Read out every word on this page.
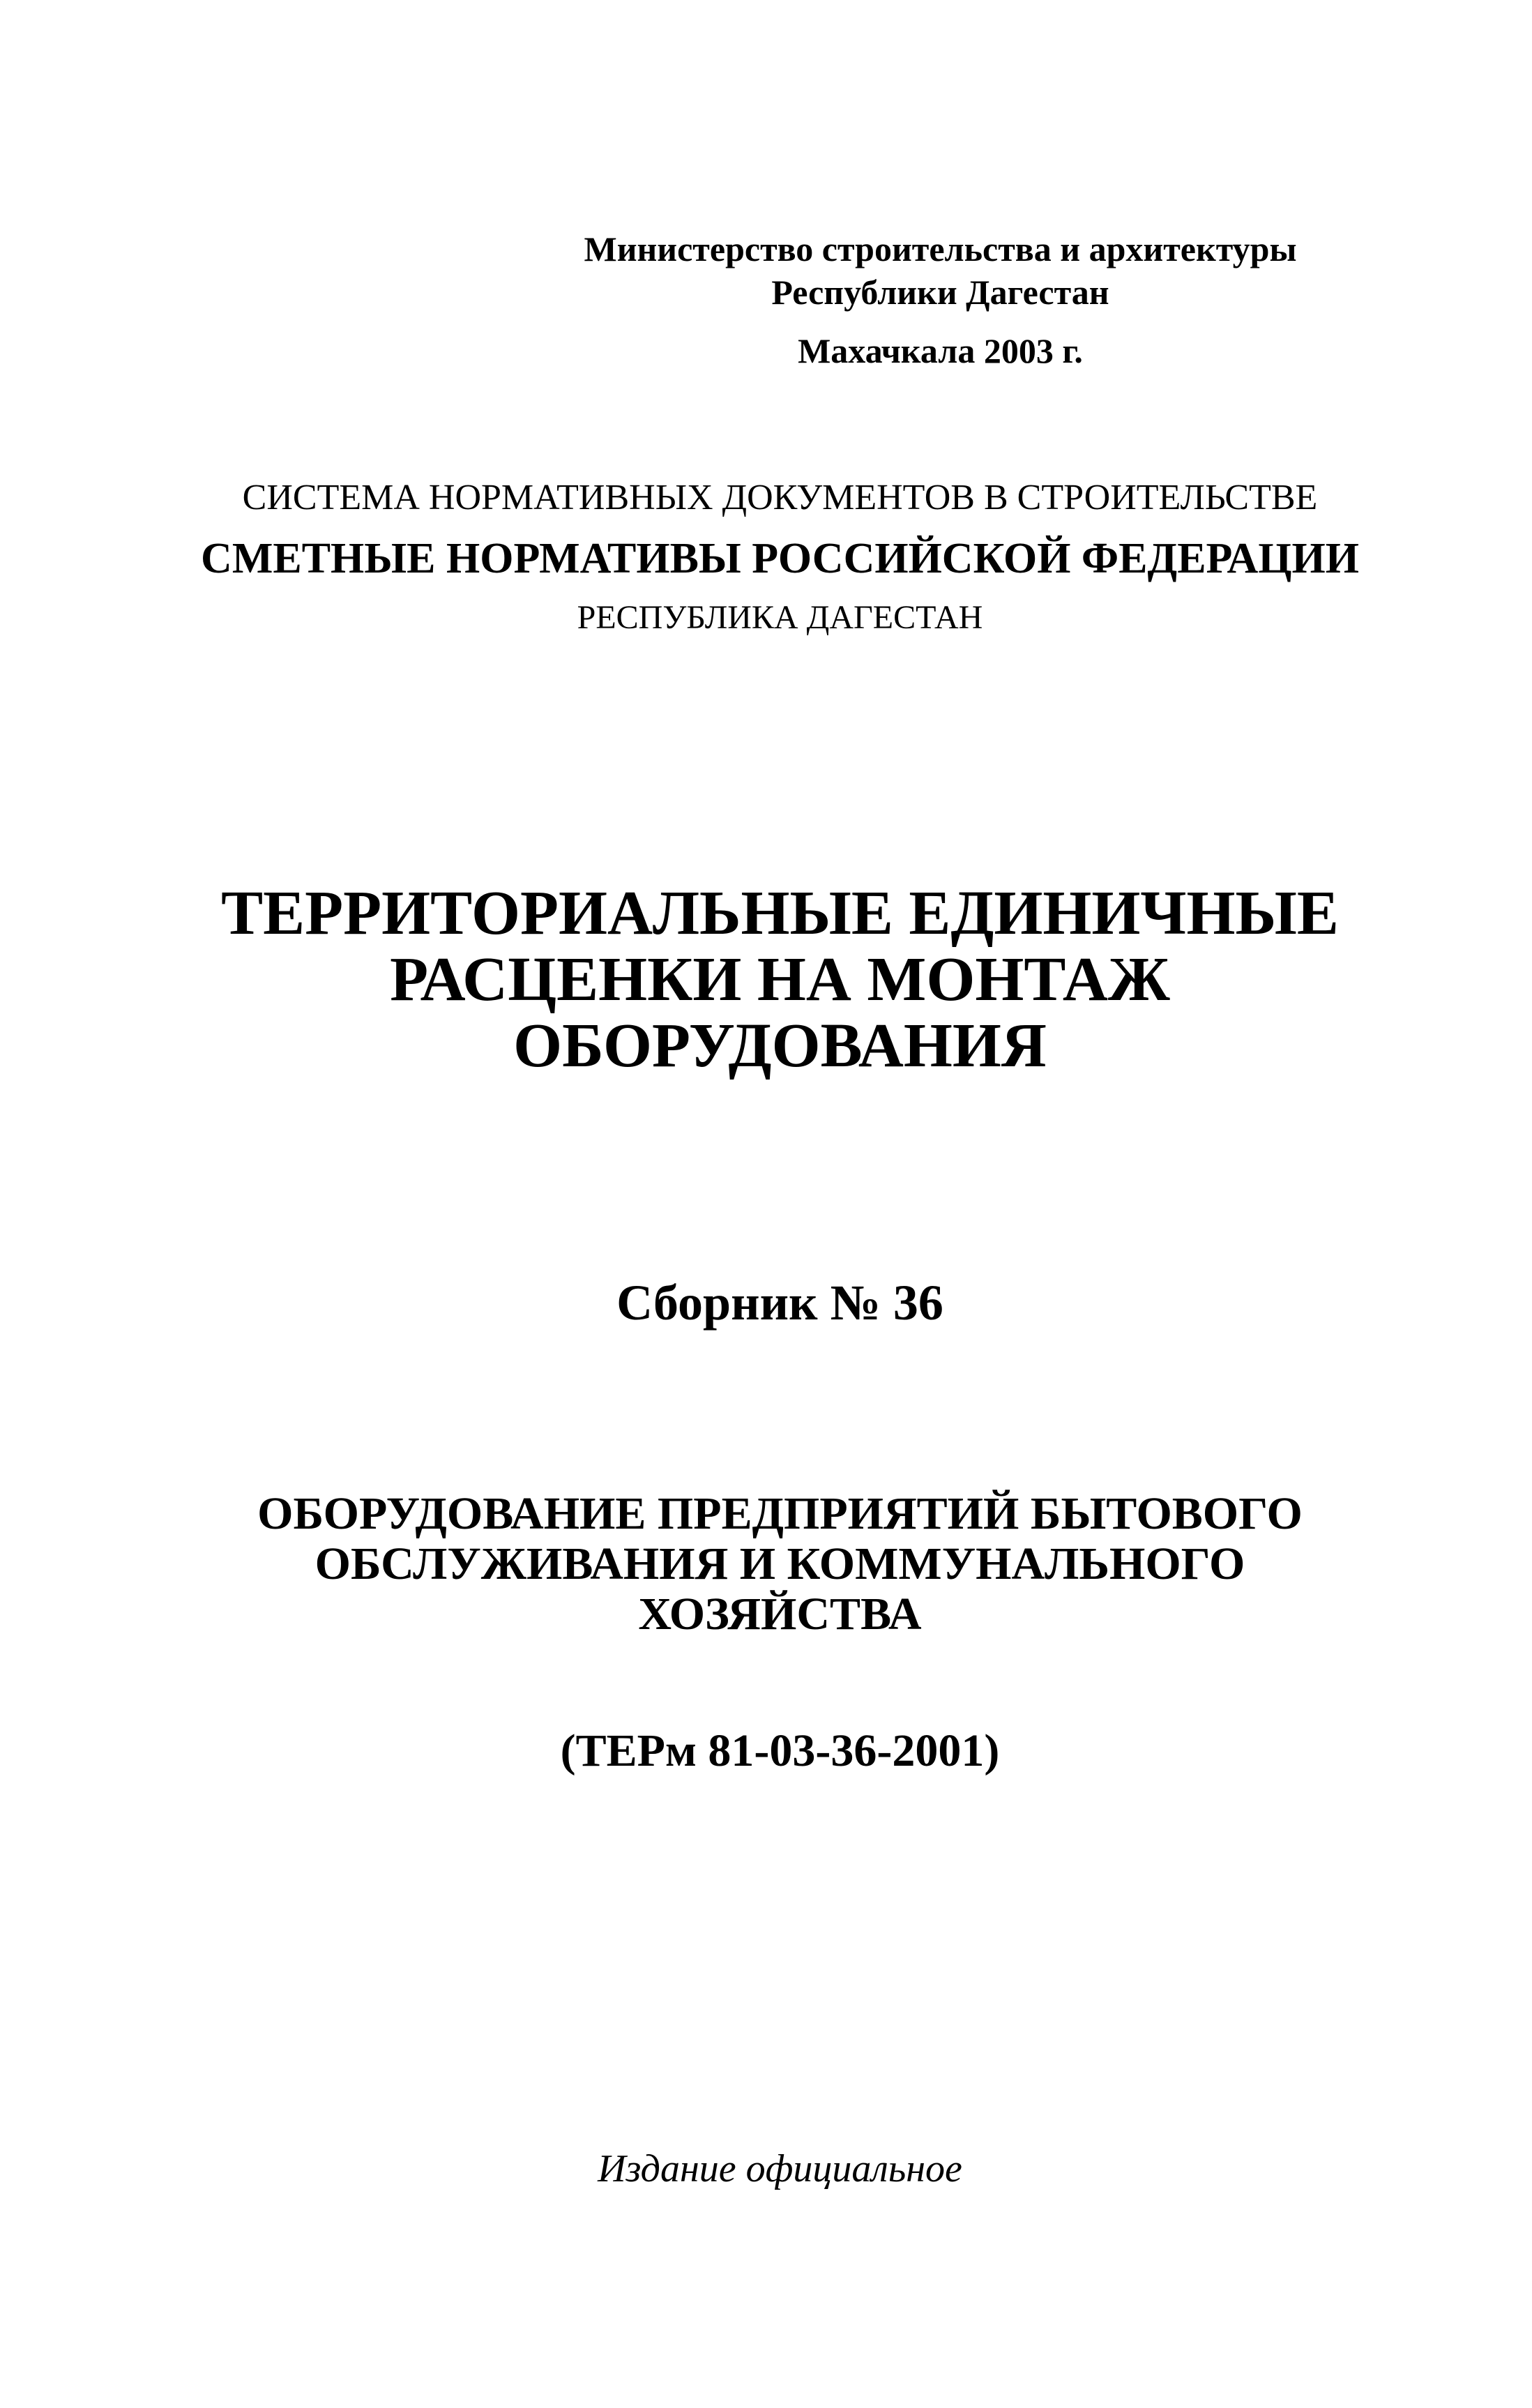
Министерство строительства и архитектуры
Республики Дагестан
Махачкала 2003 г.
СИСТЕМА НОРМАТИВНЫХ ДОКУМЕНТОВ В СТРОИТЕЛЬСТВЕ
СМЕТНЫЕ НОРМАТИВЫ РОССИЙСКОЙ ФЕДЕРАЦИИ
РЕСПУБЛИКА ДАГЕСТАН
ТЕРРИТОРИАЛЬНЫЕ ЕДИНИЧНЫЕ
РАСЦЕНКИ НА МОНТАЖ
ОБОРУДОВАНИЯ
Сборник № 36
ОБОРУДОВАНИЕ ПРЕДПРИЯТИЙ БЫТОВОГО
ОБСЛУЖИВАНИЯ И КОММУНАЛЬНОГО
ХОЗЯЙСТВА
(ТЕРм 81-03-36-2001)
Издание официальное
